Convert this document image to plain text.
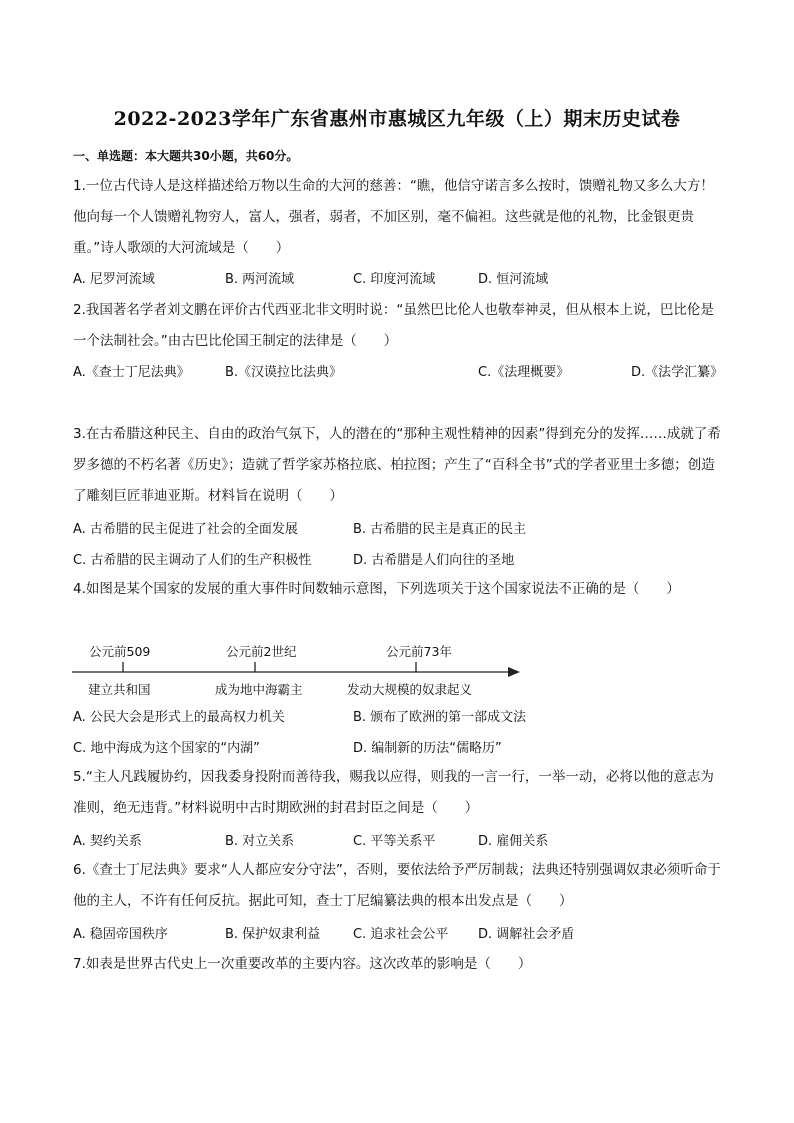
2022-2023学年广东省惠州市惠城区九年级（上）期末历史试卷
一、单选题：本大题共30小题，共60分。
1.一位古代诗人是这样描述给万物以生命的大河的慈善：“瞧，他信守诺言多么按时，馈赠礼物又多么大方！他向每一个人馈赠礼物穷人，富人，强者，弱者，不加区别，毫不偏袒。这些就是他的礼物，比金银更贵重。”诗人歌颂的大河流域是（　　）
A. 尼罗河流域	B. 两河流域	C. 印度河流域	D. 恒河流域
2.我国著名学者刘文鹏在评价古代西亚北非文明时说：“虽然巴比伦人也敬奉神灵，但从根本上说，巴比伦是一个法制社会。”由古巴比伦国王制定的法律是（　　）
A.《查士丁尼法典》	B.《汉谟拉比法典》	C.《法理概要》	D.《法学汇纂》
3.在古希腊这种民主、自由的政治气氛下，人的潜在的“那种主观性精神的因素”得到充分的发挥……成就了希罗多德的不朽名著《历史》；造就了哲学家苏格拉底、柏拉图；产生了“百科全书”式的学者亚里士多德；创造了雕刻巨匠菲迪亚斯。材料旨在说明（　　）
A. 古希腊的民主促进了社会的全面发展	B. 古希腊的民主是真正的民主
C. 古希腊的民主调动了人们的生产积极性	D. 古希腊是人们向往的圣地
4.如图是某个国家的发展的重大事件时间数轴示意图，下列选项关于这个国家说法不正确的是（　　）
公元前509	公元前2世纪	公元前73年
建立共和国	成为地中海霸主	发动大规模的奴隶起义
A. 公民大会是形式上的最高权力机关	B. 颁布了欧洲的第一部成文法
C. 地中海成为这个国家的“内湖”	D. 编制新的历法“儒略历”
5.“主人凡践履协约，因我委身投附而善待我，赐我以应得，则我的一言一行，一举一动，必将以他的意志为准则，绝无违背。”材料说明中古时期欧洲的封君封臣之间是（　　）
A. 契约关系	B. 对立关系	C. 平等关系平	D. 雇佣关系
6.《查士丁尼法典》要求“人人都应安分守法”，否则，要依法给予严厉制裁；法典还特别强调奴隶必须听命于他的主人，不许有任何反抗。据此可知，查士丁尼编纂法典的根本出发点是（　　）
A. 稳固帝国秩序	B. 保护奴隶利益	C. 追求社会公平 D. 调解社会矛盾
7.如表是世界古代史上一次重要改革的主要内容。这次改革的影响是（　　）
